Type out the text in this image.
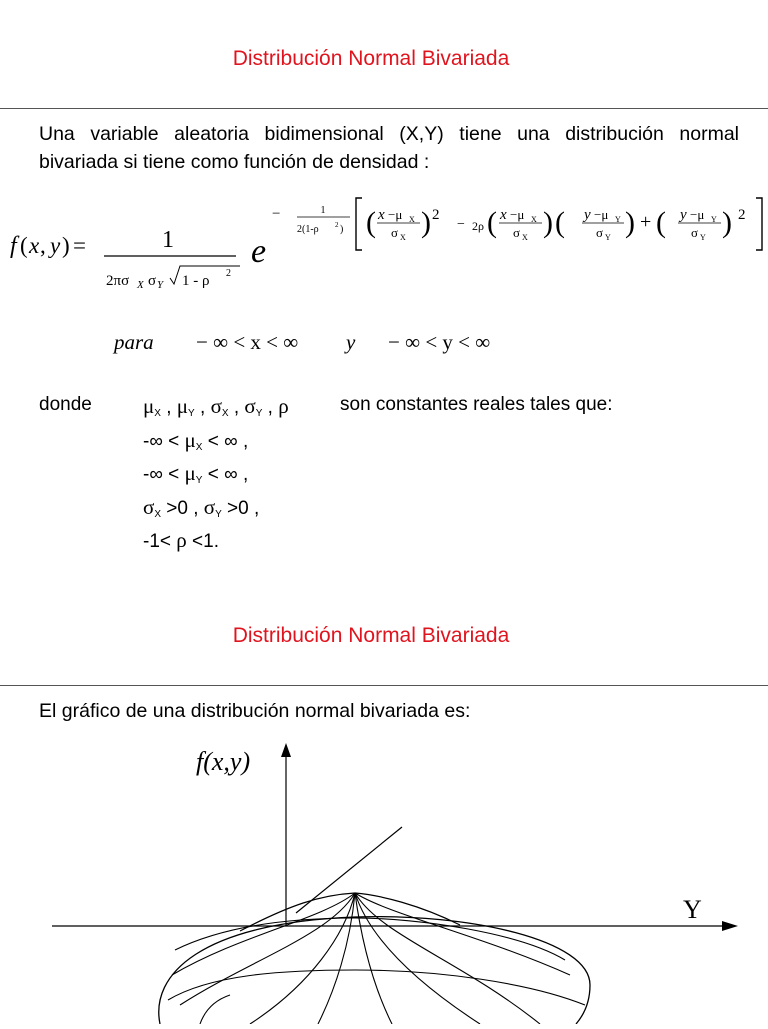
Distribución Normal Bivariada
Una variable aleatoria bidimensional (X,Y) tiene una distribución normal bivariada si tiene como función de densidad :
f ( x , y ) =	1
2πσ X σ Y 1 - ρ 2
e
−	1
2(1-ρ 2 ) ( x −μ X
σ X ) 2
− 2ρ ( x −μ X
σ X ) ( y −μ Y
σ Y ) + ( y −μ Y
σ Y ) 2
para − ∞ < x < ∞ y − ∞ < y < ∞
donde $\mu_X$ , $\mu_Y$ , $\sigma_X$ , $\sigma_Y$ , ρ	son constantes reales tales que:
-∞ < $\mu_X$ < ∞ ,
-∞ < $\mu_Y$ < ∞ ,
$\sigma_X >0$ , $\sigma_Y >0$ ,
-1< ρ <1.
Distribución Normal Bivariada
El gráfico de una distribución normal bivariada es:
f(x,y)
Y
